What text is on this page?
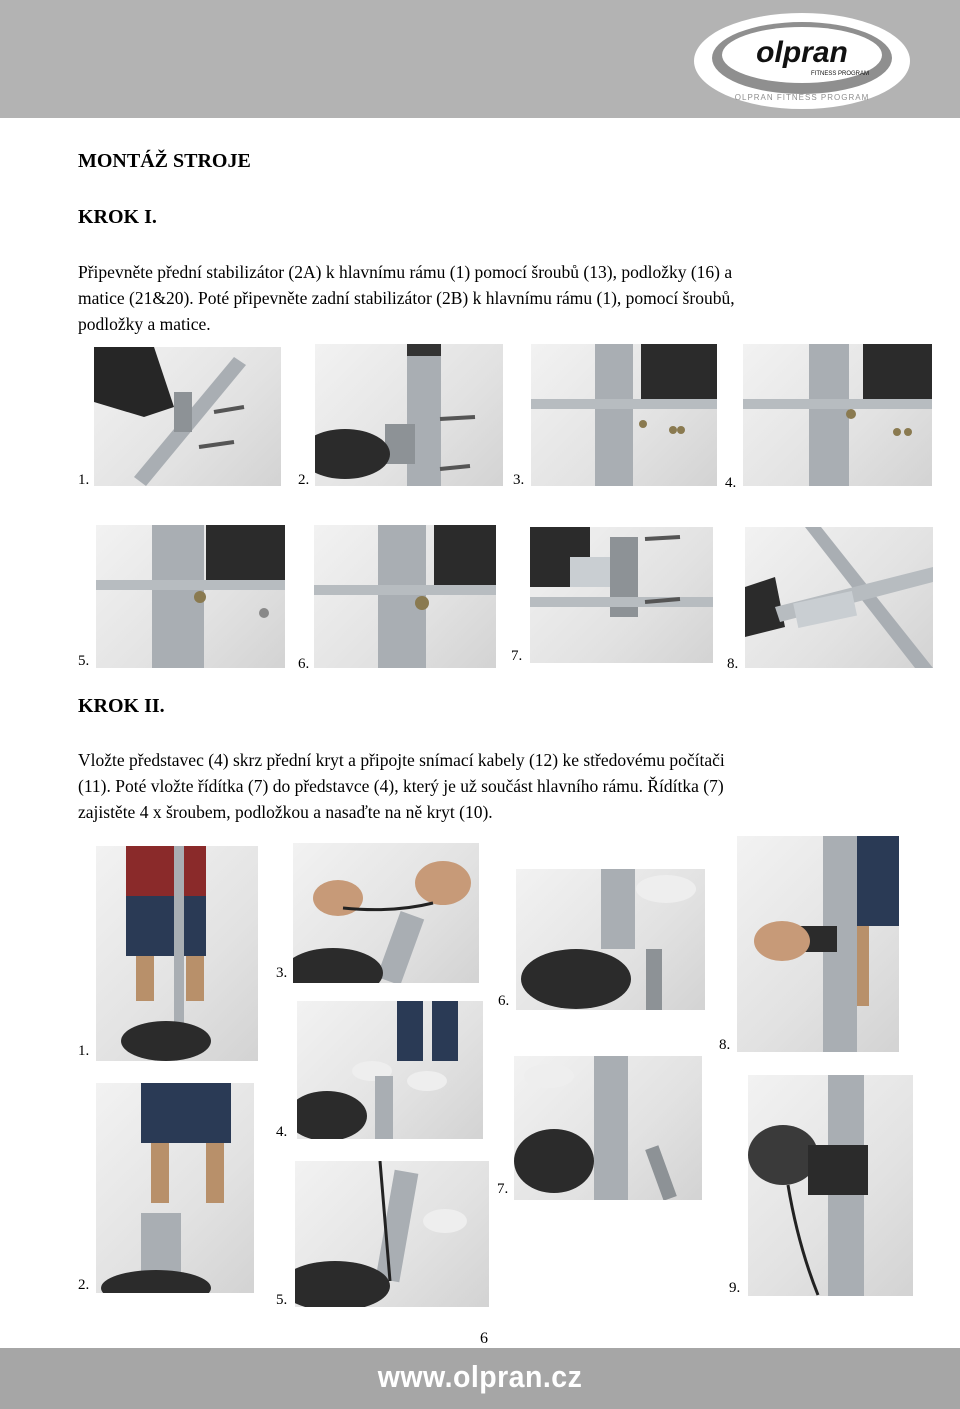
olpran
FITNESS PROGRAM
OLPRAN FITNESS PROGRAM
MONTÁŽ STROJE
KROK I.
Připevněte přední stabilizátor (2A) k hlavnímu rámu (1) pomocí šroubů (13), podložky (16) a
matice (21&20). Poté připevněte zadní stabilizátor (2B) k hlavnímu rámu (1), pomocí šroubů,
podložky a matice.
1.	2.	3.	4.
5.	6.	7.	8.
KROK II.
Vložte představec (4) skrz přední kryt a připojte snímací kabely (12) ke středovému počítači
(11). Poté vložte řídítka (7) do představce (4), který je už součást hlavního rámu. Řídítka (7)
zajistěte 4 x šroubem, podložkou a nasaďte na ně kryt (10).
1.
2.
3.
4.
5.
6.
7.
8.
9.
6
www.olpran.cz
